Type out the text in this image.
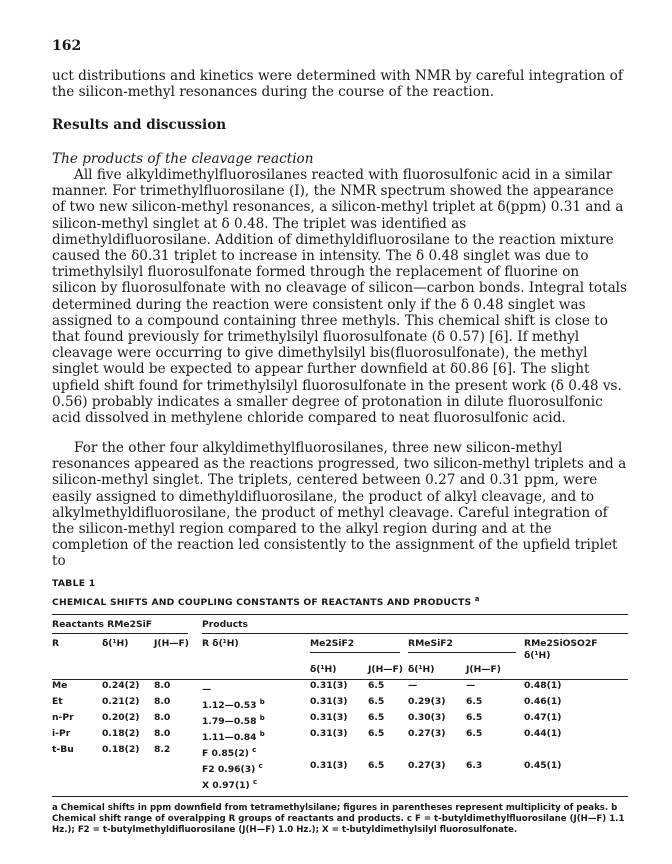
162
uct distributions and kinetics were determined with NMR by careful integration of the silicon-methyl resonances during the course of the reaction.
Results and discussion
The products of the cleavage reaction

All five alkyldimethylfluorosilanes reacted with fluorosulfonic acid in a similar manner. For trimethylfluorosilane (I), the NMR spectrum showed the appearance of two new silicon-methyl resonances, a silicon-methyl triplet at δ(ppm) 0.31 and a silicon-methyl singlet at δ 0.48. The triplet was identified as dimethyldifluorosilane. Addition of dimethyldifluorosilane to the reaction mixture caused the δ0.31 triplet to increase in intensity. The δ 0.48 singlet was due to trimethylsilyl fluorosulfonate formed through the replacement of fluorine on silicon by fluorosulfonate with no cleavage of silicon—carbon bonds. Integral totals determined during the reaction were consistent only if the δ 0.48 singlet was assigned to a compound containing three methyls. This chemical shift is close to that found previously for trimethylsilyl fluorosulfonate (δ 0.57) [6]. If methyl cleavage were occurring to give dimethylsilyl bis(fluorosulfonate), the methyl singlet would be expected to appear further downfield at δ0.86 [6]. The slight upfield shift found for trimethylsilyl fluorosulfonate in the present work (δ 0.48 vs. 0.56) probably indicates a smaller degree of protonation in dilute fluorosulfonic acid dissolved in methylene chloride compared to neat fluorosulfonic acid.

For the other four alkyldimethylfluorosilanes, three new silicon-methyl resonances appeared as the reactions progressed, two silicon-methyl triplets and a silicon-methyl singlet. The triplets, centered between 0.27 and 0.31 ppm, were easily assigned to dimethyldifluorosilane, the product of alkyl cleavage, and to alkylmethyldifluorosilane, the product of methyl cleavage. Careful integration of the silicon-methyl region compared to the alkyl region during and at the completion of the reaction led consistently to the assignment of the upfield triplet to

TABLE 1
CHEMICAL SHIFTS AND COUPLING CONSTANTS OF REACTANTS AND PRODUCTS $^a$
Reactants RMe2SiF			Products					

R	δ(¹H)	J(H—F)	R δ(¹H)	Me2SiF2		RMeSiF2		RMe2SiOSO2F

						δ(¹H)
				δ(¹H)	J(H—F)	δ(¹H)	J(H—F)	

Me	0.24(2)	8.0	—	0.31(3)	6.5	—	—	0.48(1)
Et	0.21(2)	8.0	1.12—0.53 $^b$	0.31(3)	6.5	0.29(3)	6.5	0.46(1)
n-Pr	0.20(2)	8.0	1.79—0.58 $^b$	0.31(3)	6.5	0.30(3)	6.5	0.47(1)
i-Pr	0.18(2)	8.0	1.11—0.84 $^b$	0.31(3)	6.5	0.27(3)	6.5	0.44(1)
t-Bu	0.18(2)	8.2	F 0.85(2) $^c$					
			F2 0.96(3) $^c$	0.31(3)	6.5	0.27(3)	6.3	0.45(1)
			X 0.97(1) $^c$					

a Chemical shifts in ppm downfield from tetramethylsilane; figures in parentheses represent multiplicity of peaks. b Chemical shift range of overalpping R groups of reactants and products. c F = t-butyldimethylfluorosilane (J(H—F) 1.1 Hz.); F2 = t-butylmethyldifluorosilane (J(H—F) 1.0 Hz.); X = t-butyldimethylsilyl fluorosulfonate.
